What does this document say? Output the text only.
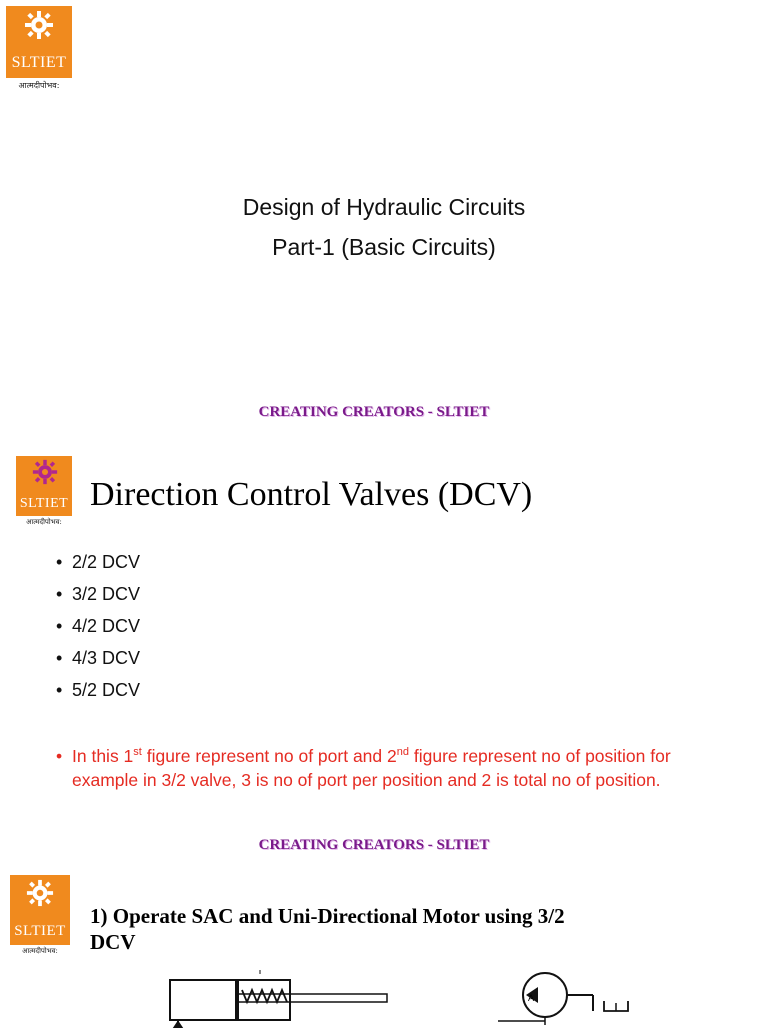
SLTIET
आत्मदीपोभव:
Design of Hydraulic Circuits
Part-1 (Basic Circuits)
CREATING CREATORS - SLTIET
SLTIET
आत्मदीपोभव:
Direction Control Valves (DCV)
• 2/2 DCV
• 3/2 DCV
• 4/2 DCV
• 4/3 DCV
• 5/2 DCV
• In this 1st figure represent no of port and 2nd figure represent no of position for example in 3/2 valve, 3 is no of port per position and 2 is total no of position.
CREATING CREATORS - SLTIET
SLTIET
आत्मदीपोभव:
1) Operate SAC and Uni-Directional Motor using 3/2
DCV
A
